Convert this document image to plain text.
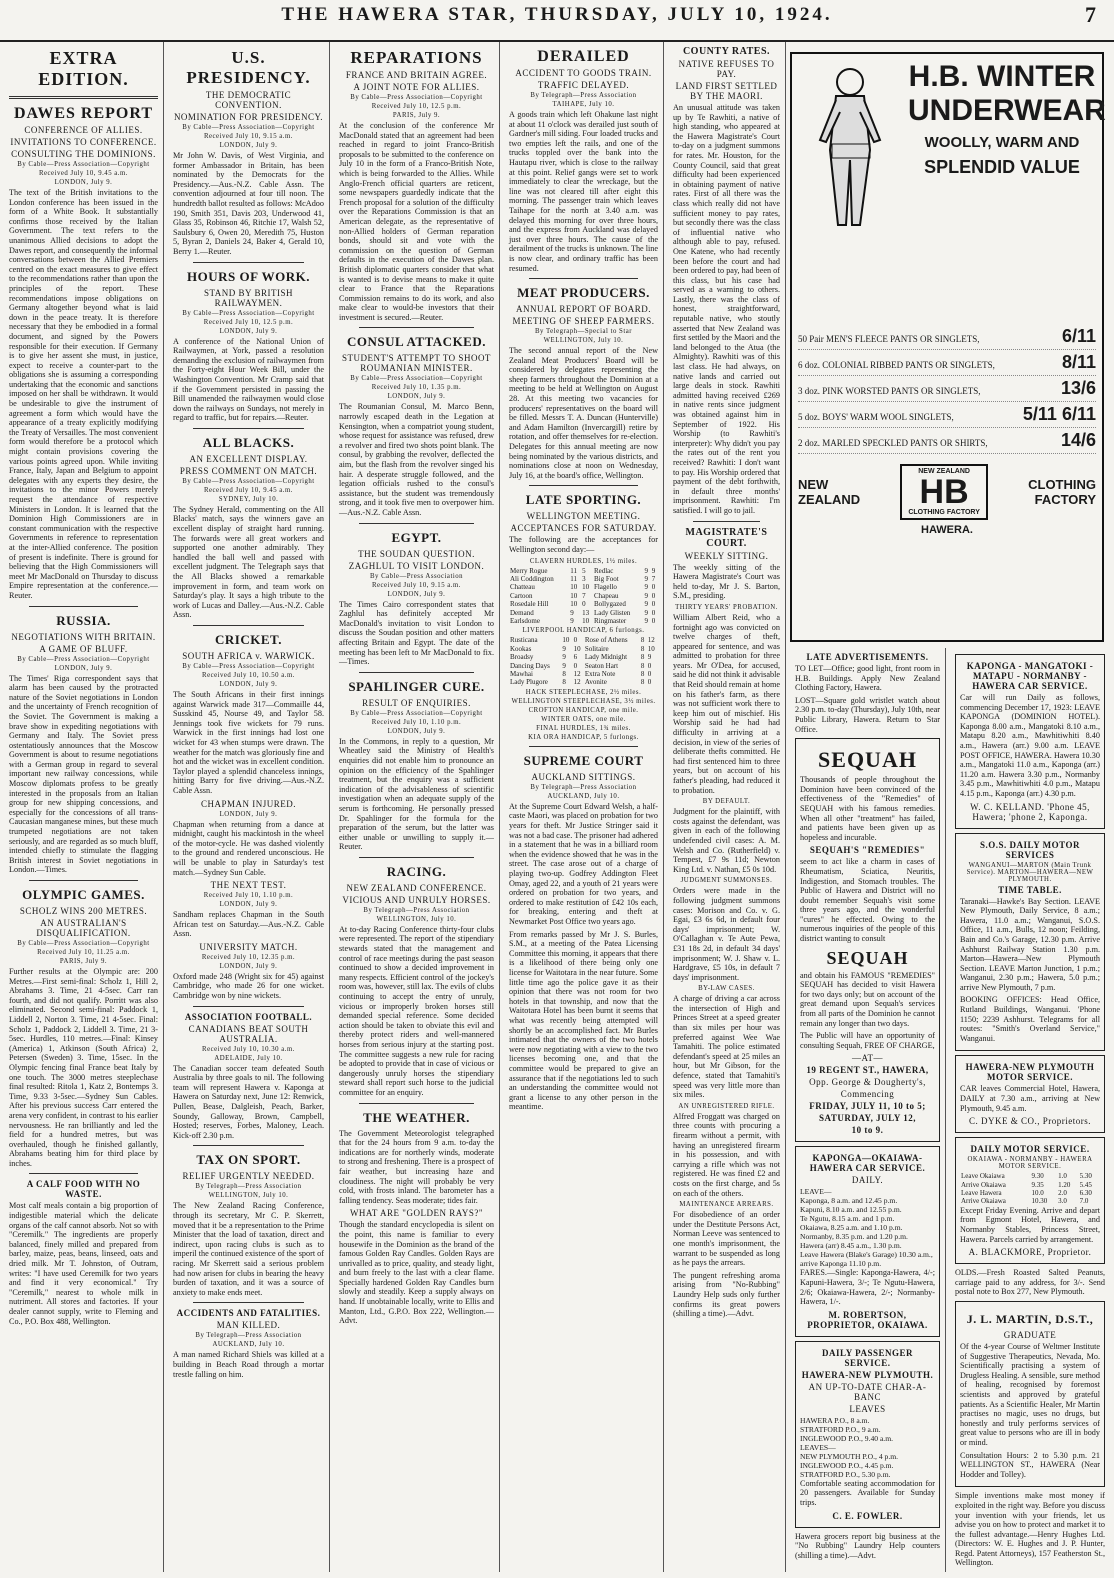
THE HAWERA STAR, THURSDAY, JULY 10, 1924.	7
EXTRA EDITION.
DAWES REPORT
CONFERENCE OF ALLIES.
INVITATIONS TO CONFERENCE.
CONSULTING THE DOMINIONS.
By Cable—Press Association—Copyright
Received July 10, 9.45 a.m.
LONDON, July 9.

The text of the British invitations to the London conference has been issued in the form of a White Book. It substantially confirms those received by the Italian Government. The text refers to the unanimous Allied decisions to adopt the Dawes report, and consequently the informal conversations between the Allied Premiers centred on the exact measures to give effect to the recommendations rather than upon the principles of the report. These recommendations impose obligations on Germany altogether beyond what is laid down in the peace treaty. It is therefore necessary that they be embodied in a formal document, and signed by the Powers responsible for their execution. If Germany is to give her assent she must, in justice, expect to receive a counter-part to the obligations she is assuming a corresponding undertaking that the economic and sanctions imposed on her shall be withdrawn. It would be undesirable to give the instrument of agreement a form which would have the appearance of a treaty explicitly modifying the Treaty of Versailles. The most convenient form would therefore be a protocol which might contain provisions covering the various points agreed upon. While inviting France, Italy, Japan and Belgium to appoint delegates with any experts they desire, the invitations to the minor Powers merely request the attendance of respective Ministers in London. It is learned that the Dominion High Commissioners are in constant communication with the respective Governments in reference to representation at the inter-Allied conference. The position of present is indefinite. There is ground for believing that the High Commissioners will meet Mr MacDonald on Thursday to discuss Empire representation at the conference.—Reuter.

RUSSIA.
NEGOTIATIONS WITH BRITAIN.
A GAME OF BLUFF.
By Cable—Press Association—Copyright
LONDON, July 9.

The Times' Riga correspondent says that alarm has been caused by the protracted nature of the Soviet negotiations in London and the uncertainty of French recognition of the Soviet. The Government is making a brave show in expediting negotiations with Germany and Italy. The Soviet press ostentatiously announces that the Moscow Government is about to resume negotiations with a German group in regard to several important new railway concessions, while Moscow diplomats profess to be greatly interested in the proposals from an Italian group for new shipping concessions, and especially for the concessions of all trans-Caucasian manganese mines, but these much trumpeted negotiations are not taken seriously, and are regarded as so much bluff, intended chiefly to stimulate the flagging British interest in Soviet negotiations in London.—Times.

OLYMPIC GAMES.
SCHOLZ WINS 200 METRES.
AN AUSTRALIAN'S DISQUALIFICATION.
By Cable—Press Association—Copyright
Received July 10, 11.25 a.m.
PARIS, July 9.

Further results at the Olympic are: 200 Metres.—First semi-final: Scholz 1, Hill 2, Abrahams 3. Time, 21 4-5sec. Carr ran fourth, and did not qualify. Porritt was also eliminated. Second semi-final: Paddock 1, Liddell 2, Norton 3. Time, 21 4-5sec. Final: Scholz 1, Paddock 2, Liddell 3. Time, 21 3-5sec. Hurdles, 110 metres.—Final: Kinsey (America) 1, Atkinson (South Africa) 2, Petersen (Sweden) 3. Time, 15sec. In the Olympic fencing final France beat Italy by one touch. The 3000 metres steeplechase final resulted: Ritola 1, Katz 2, Bontemps 3. Time, 9.33 3-5sec.—Sydney Sun Cables. After his previous success Carr entered the arena very confident, in contrast to his earlier nervousness. He ran brilliantly and led the field for a hundred metres, but was overhauled, though he finished gallantly, Abrahams beating him for third place by inches.

A CALF FOOD WITH NO WASTE.

Most calf meals contain a big proportion of indigestible material which the delicate organs of the calf cannot absorb. Not so with "Ceremilk." The ingredients are properly balanced, finely milled and prepared from barley, maize, peas, beans, linseed, oats and dried milk. Mr T. Johnston, of Outram, writes: "I have used Ceremilk for two years and find it very economical." Try "Ceremilk," nearest to whole milk in nutriment. All stores and factories. If your dealer cannot supply, write to Fleming and Co., P.O. Box 488, Wellington.

U.S. PRESIDENCY.
THE DEMOCRATIC CONVENTION.
NOMINATION FOR PRESIDENCY.
By Cable—Press Association—Copyright
Received July 10, 9.15 a.m.
LONDON, July 9.

Mr John W. Davis, of West Virginia, and former Ambassador in Britain, has been nominated by the Democrats for the Presidency.—Aus.-N.Z. Cable Assn. The convention adjourned at four till noon. The hundredth ballot resulted as follows: McAdoo 190, Smith 351, Davis 203, Underwood 41, Glass 35, Robinson 46, Ritchie 17, Walsh 52, Saulsbury 6, Owen 20, Meredith 75, Huston 5, Byran 2, Daniels 24, Baker 4, Gerald 10, Berry 1.—Reuter.

HOURS OF WORK.
STAND BY BRITISH RAILWAYMEN.
By Cable—Press Association—Copyright
Received July 10, 12.5 p.m.
LONDON, July 9.

A conference of the National Union of Railwaymen, at York, passed a resolution demanding the exclusion of railwaymen from the Forty-eight Hour Week Bill, under the Washington Convention. Mr Cramp said that if the Government persisted in passing the Bill unamended the railwaymen would close down the railways on Sundays, not merely in regard to traffic, but for repairs.—Reuter.

ALL BLACKS.
AN EXCELLENT DISPLAY.
PRESS COMMENT ON MATCH.
By Cable—Press Association—Copyright
Received July 10, 9.45 a.m.
SYDNEY, July 10.

The Sydney Herald, commenting on the All Blacks' match, says the winners gave an excellent display of straight hard running. The forwards were all great workers and supported one another admirably. They handled the ball well and passed with excellent judgment. The Telegraph says that the All Blacks showed a remarkable improvement in form, and team work on Saturday's play. It says a high tribute to the work of Lucas and Dalley.—Aus.-N.Z. Cable Assn.

CRICKET.
SOUTH AFRICA v. WARWICK.
By Cable—Press Association—Copyright
Received July 10, 10.50 a.m.
LONDON, July 9.

The South Africans in their first innings against Warwick made 317—Commaille 44, Susskind 45, Nourse 49, and Taylor 58. Jennings took five wickets for 79 runs. Warwick in the first innings had lost one wicket for 43 when stumps were drawn. The weather for the match was gloriously fine and hot and the wicket was in excellent condition. Taylor played a splendid chanceless innings, hitting Barry for five driving.—Aus.-N.Z. Cable Assn.

CHAPMAN INJURED.
LONDON, July 9.

Chapman when returning from a dance at midnight, caught his mackintosh in the wheel of the motor-cycle. He was dashed violently to the ground and rendered unconscious. He will be unable to play in Saturday's test match.—Sydney Sun Cable.

THE NEXT TEST.
Received July 10, 1.10 p.m.
LONDON, July 9.

Sandham replaces Chapman in the South African test on Saturday.—Aus.-N.Z. Cable Assn.

UNIVERSITY MATCH.
Received July 10, 12.35 p.m.
LONDON, July 9.

Oxford made 248 (Wright six for 45) against Cambridge, who made 26 for one wicket. Cambridge won by nine wickets.

ASSOCIATION FOOTBALL.
CANADIANS BEAT SOUTH AUSTRALIA.
Received July 10, 10.30 a.m.
ADELAIDE, July 10.

The Canadian soccer team defeated South Australia by three goals to nil. The following team will represent Hawera v. Kaponga at Hawera on Saturday next, June 12: Renwick, Pullen, Bease, Dalgleish, Peach, Barker, Soundy, Galloway, Brown, Campbell, Hosted; reserves, Forbes, Maloney, Leach. Kick-off 2.30 p.m.

TAX ON SPORT.
RELIEF URGENTLY NEEDED.
By Telegraph—Press Association
WELLINGTON, July 10.

The New Zealand Racing Conference, through its secretary, Mr C. P. Skerrett, moved that it be a representation to the Prime Minister that the load of taxation, direct and indirect, upon racing clubs is such as to imperil the continued existence of the sport of racing. Mr Skerrett said a serious problem had now arisen for clubs in bearing the heavy burden of taxation, and it was a source of anxiety to make ends meet.

ACCIDENTS AND FATALITIES.
MAN KILLED.
By Telegraph—Press Association
AUCKLAND, July 10.

A man named Richard Shiels was killed at a building in Beach Road through a mortar trestle falling on him.

REPARATIONS
FRANCE AND BRITAIN AGREE.
A JOINT NOTE FOR ALLIES.
By Cable—Press Association—Copyright
Received July 10, 12.5 p.m.
PARIS, July 9.

At the conclusion of the conference Mr MacDonald stated that an agreement had been reached in regard to joint Franco-British proposals to be submitted to the conference on July 10 in the form of a Franco-British Note, which is being forwarded to the Allies. While Anglo-French official quarters are reticent, some newspapers guardedly indicate that the French proposal for a solution of the difficulty over the Reparations Commission is that an American delegate, as the representative of non-Allied holders of German reparation bonds, should sit and vote with the commission on the question of German defaults in the execution of the Dawes plan. British diplomatic quarters consider that what is wanted is to devise means to make it quite clear to France that the Reparations Commission remains to do its work, and also make clear to would-be investors that their investment is secured.—Reuter.

CONSUL ATTACKED.
STUDENT'S ATTEMPT TO SHOOT ROUMANIAN MINISTER.
By Cable—Press Association—Copyright
Received July 10, 1.35 p.m.
LONDON, July 9.

The Roumanian Consul, M. Marco Benn, narrowly escaped death in the Legation at Kensington, when a compatriot young student, whose request for assistance was refused, drew a revolver and fired two shots point blank. The consul, by grabbing the revolver, deflected the aim, but the flash from the revolver singed his hair. A desperate struggle followed, and the legation officials rushed to the consul's assistance, but the student was tremendously strong, and it took five men to overpower him.—Aus.-N.Z. Cable Assn.

EGYPT.
THE SOUDAN QUESTION.
ZAGHLUL TO VISIT LONDON.
By Cable—Press Association
Received July 10, 9.15 a.m.
LONDON, July 9.

The Times Cairo correspondent states that Zaghlul has definitely accepted Mr MacDonald's invitation to visit London to discuss the Soudan position and other matters affecting Britain and Egypt. The date of the meeting has been left to Mr MacDonald to fix.—Times.

SPAHLINGER CURE.
RESULT OF ENQUIRIES.
By Cable—Press Association—Copyright
Received July 10, 1.10 p.m.
LONDON, July 9.

In the Commons, in reply to a question, Mr Wheatley said the Ministry of Health's enquiries did not enable him to pronounce an opinion on the efficiency of the Spahlinger treatment, but the enquiry was a sufficient indication of the advisableness of scientific investigation when an adequate supply of the serum is forthcoming. He personally pressed Dr. Spahlinger for the formula for the preparation of the serum, but the latter was either unable or unwilling to supply it.—Reuter.

RACING.
NEW ZEALAND CONFERENCE.
VICIOUS AND UNRULY HORSES.
By Telegraph—Press Association
WELLINGTON, July 10.

At to-day Racing Conference thirty-four clubs were represented. The report of the stipendiary stewards stated that the management and control of race meetings during the past season continued to show a decided improvement in many respects. Efficient control of the jockey's room was, however, still lax. The evils of clubs continuing to accept the entry of unruly, vicious or improperly broken horses still demanded special reference. Some decided action should be taken to obviate this evil and thereby protect riders and well-mannered horses from serious injury at the starting post. The committee suggests a new rule for racing be adopted to provide that in case of vicious or dangerously unruly horses the stipendiary steward shall report such horse to the judicial committee for an enquiry.

THE WEATHER.

The Government Meteorologist telegraphed that for the 24 hours from 9 a.m. to-day the indications are for northerly winds, moderate to strong and freshening. There is a prospect of fair weather, but increasing haze and cloudiness. The night will probably be very cold, with frosts inland. The barometer has a falling tendency. Seas moderate; tides fair.

WHAT ARE "GOLDEN RAYS?"

Though the standard encyclopedia is silent on the point, this name is familiar to every housewife in the Dominion as the brand of the famous Golden Ray Candles. Golden Rays are unrivalled as to price, quality, and steady light, and burn freely to the last with a clear flame. Specially hardened Golden Ray Candles burn slowly and steadily. Keep a supply always on hand. If unobtainable locally, write to Ellis and Manton, Ltd., G.P.O. Box 222, Wellington.—Advt.

DERAILED
ACCIDENT TO GOODS TRAIN.
TRAFFIC DELAYED.
By Telegraph—Press Association
TAIHAPE, July 10.

A goods train which left Ohakune last night at about 11 o'clock was derailed just south of Gardner's mill siding. Four loaded trucks and two empties left the rails, and one of the trucks toppled over the bank into the Hautapu river, which is close to the railway at this point. Relief gangs were set to work immediately to clear the wreckage, but the line was not cleared till after eight this morning. The passenger train which leaves Taihape for the north at 3.40 a.m. was delayed this morning for over three hours, and the express from Auckland was delayed just over three hours. The cause of the derailment of the trucks is unknown. The line is now clear, and ordinary traffic has been resumed.

MEAT PRODUCERS.
ANNUAL REPORT OF BOARD.
MEETING OF SHEEP FARMERS.
By Telegraph—Special to Star
WELLINGTON, July 10.

The second annual report of the New Zealand Meat Producers' Board will be considered by delegates representing the sheep farmers throughout the Dominion at a meeting to be held at Wellington on August 28. At this meeting two vacancies for producers' representatives on the board will be filled. Messrs T. A. Duncan (Hunterville) and Adam Hamilton (Invercargill) retire by rotation, and offer themselves for re-election. Delegates for this annual meeting are now being nominated by the various districts, and nominations close at noon on Wednesday, July 16, at the board's office, Wellington.

LATE SPORTING.
WELLINGTON MEETING.
ACCEPTANCES FOR SATURDAY.

The following are the acceptances for Wellington second day:—

CLAVERN HURDLES, 1½ miles.
Merry Rogue	11	5	Redlac	9	9
Ali Coddington	11	3	Big Foot	9	7
Chatteau	10	10	Flagello	9	0
Cartoon	10	7	Chapeau	9	0
Rosedale Hill	10	0	Bollygazed	9	0
Demand	9	13	Lady Glisten	9	0
Earlsdome	9	10	Ringmaster	9	0
LIVERPOOL HANDICAP, 6 furlongs.
Rusticana	10	0	Rose of Athens	8	12
Kookas	9	10	Solitaire	8	10
Broadsy	9	6	Lady Midnight	8	9
Dancing Days	9	0	Seaton Hart	8	0
Mawhai	8	12	Extra Note	8	0
Lady Plugore	8	12	Avonite	8	0
HACK STEEPLECHASE, 2½ miles.
WELLINGTON STEEPLECHASE, 3½ miles.
CROFTON HANDICAP, one mile.
WINTER OATS, one mile.
FINAL HURDLES, 1¾ miles.
KIA ORA HANDICAP, 5 furlongs.
SUPREME COURT
AUCKLAND SITTINGS.
By Telegraph—Press Association
AUCKLAND, July 10.

At the Supreme Court Edward Welsh, a half-caste Maori, was placed on probation for two years for theft. Mr Justice Stringer said it was not a bad case. The prisoner had adhered in a statement that he was in a billiard room when the evidence showed that he was in the street. The case arose out of a charge of playing two-up. Godfrey Addington Fleet Omay, aged 22, and a youth of 21 years were ordered on probation for two years, and ordered to make restitution of £42 10s each, for breaking, entering and theft at Newmarket Post Office two years ago.

From remarks passed by Mr J. S. Burles, S.M., at a meeting of the Patea Licensing Committee this morning, it appears that there is a likelihood of there being only one license for Waitotara in the near future. Some little time ago the police gave it as their opinion that there was not room for two hotels in that township, and now that the Waitotara Hotel has been burnt it seems that what was recently being attempted will shortly be an accomplished fact. Mr Burles intimated that the owners of the two hotels were now negotiating with a view to the two licenses becoming one, and that the committee would be prepared to give an assurance that if the negotiations led to such an understanding the committee would not grant a license to any other person in the meantime.

COUNTY RATES.
NATIVE REFUSES TO PAY.
LAND FIRST SETTLED BY THE MAORI.

An unusual attitude was taken up by Te Rawhiti, a native of high standing, who appeared at the Hawera Magistrate's Court to-day on a judgment summons for rates. Mr. Houston, for the County Council, said that great difficulty had been experienced in obtaining payment of native rates. First of all there was the class which really did not have sufficient money to pay rates, but secondly there was the class of influential native who although able to pay, refused. One Katene, who had recently been before the court and had been ordered to pay, had been of this class, but his case had served as a warning to others. Lastly, there was the class of honest, straightforward, reputable native, who stoutly asserted that New Zealand was first settled by the Maori and the land belonged to the Atua (the Almighty). Rawhiti was of this last class. He had always, on native lands and carried out large deals in stock. Rawhiti admitted having received £269 in native rents since judgment was obtained against him in September of 1922. His Worship (to Rawhiti's interpreter): Why didn't you pay the rates out of the rent you received? Rawhiti: I don't want to pay. His Worship ordered that payment of the debt forthwith, in default three months' imprisonment. Rawhiti: I'm satisfied. I will go to jail.

MAGISTRATE'S COURT.
WEEKLY SITTING.

The weekly sitting of the Hawera Magistrate's Court was held to-day, Mr J. S. Barton, S.M., presiding.

THIRTY YEARS' PROBATION.

William Albert Reid, who a fortnight ago was convicted on twelve charges of theft, appeared for sentence, and was admitted to probation for three years. Mr O'Dea, for accused, said he did not think it advisable that Reid should remain at home on his father's farm, as there was not sufficient work there to keep him out of mischief. His Worship said he had had difficulty in arriving at a decision, in view of the series of deliberate thefts committed. He had first sentenced him to three years, but on account of his father's pleading, had reduced it to probation.

BY DEFAULT.

Judgment for the plaintiff, with costs against the defendant, was given in each of the following undefended civil cases: A. M. Welsh and Co. (Rutherfield) v. Tempest, £7 9s 11d; Newton King Ltd. v. Nathan, £5 0s 10d.

JUDGMENT SUMMONSES.

Orders were made in the following judgment summons cases: Morison and Co. v. G. Egai, £3 6s 6d, in default four days' imprisonment; W. O'Callaghan v. Te Aute Pewa, £31 18s 2d, in default 34 days' imprisonment; W. J. Shaw v. L. Hardgrave, £5 10s, in default 7 days' imprisonment.

BY-LAW CASES.

A charge of driving a car across the intersection of High and Princes Street at a speed greater than six miles per hour was preferred against Wee Wae Tamahiti. The police estimated defendant's speed at 25 miles an hour, but Mr Gibson, for the defence, stated that Tamahiti's speed was very little more than six miles.

AN UNREGISTERED RIFLE.

Alfred Froggatt was charged on three counts with procuring a firearm without a permit, with having an unregistered firearm in his possession, and with carrying a rifle which was not registered. He was fined £2 and costs on the first charge, and 5s on each of the others.

MAINTENANCE ARREARS.

For disobedience of an order under the Destitute Persons Act, Norman Leeve was sentenced to one month's imprisonment, the warrant to be suspended as long as he pays the arrears.

The pungent refreshing aroma arising from "No-Rubbing" Laundry Help suds only further confirms its great powers (shilling a time).—Advt.

H.B. WINTER
UNDERWEAR
WOOLLY, WARM AND
SPLENDID VALUE
50 Pair MEN'S FLEECE PANTS OR SINGLETS,	6/11
6 doz. COLONIAL RIBBED PANTS OR SINGLETS,	8/11
3 doz. PINK WORSTED PANTS OR SINGLETS,	13/6
5 doz. BOYS' WARM WOOL SINGLETS,	5/11 6/11
2 doz. MARLED SPECKLED PANTS OR SHIRTS,	14/6
NEW
ZEALAND
NEW ZEALAND
HB
CLOTHING FACTORY
CLOTHING
FACTORY
HAWERA.
LATE ADVERTISEMENTS.

TO LET—Office; good light, front room in H.B. Buildings. Apply New Zealand Clothing Factory, Hawera.

LOST—Square gold wristlet watch about 2.30 p.m. to-day (Thursday), July 10th, near Public Library, Hawera. Return to Star Office.

SEQUAH

Thousands of people throughout the Dominion have been convinced of the effectiveness of the "Remedies" of SEQUAH with his famous remedies. When all other "treatment" has failed, and patients have been given up as hopeless and incurable.

SEQUAH'S "REMEDIES"

seem to act like a charm in cases of Rheumatism, Sciatica, Neuritis, Indigestion, and Stomach troubles. The Public of Hawera and District will no doubt remember Sequah's visit some three years ago, and the wonderful "cures" he effected. Owing to the numerous inquiries of the people of this district wanting to consult

SEQUAH

and obtain his FAMOUS "REMEDIES" SEQUAH has decided to visit Hawera for two days only; but on account of the great demand upon Sequah's services from all parts of the Dominion he cannot remain any longer than two days.

The Public will have an opportunity of consulting Sequah, FREE OF CHARGE,

—AT—
19 REGENT ST., HAWERA,
Opp. George & Dougherty's,
Commencing
FRIDAY, JULY 11, 10 to 5;
SATURDAY, JULY 12,
10 to 9.
KAPONGA—OKAIAWA-HAWERA CAR SERVICE.
DAILY.
LEAVE—
Kaponga, 8 a.m. and 12.45 p.m.
Kapuni, 8.10 a.m. and 12.55 p.m.
Te Ngutu, 8.15 a.m. and 1 p.m.
Okaiawa, 8.25 a.m. and 1.10 p.m.
Normanby, 8.35 p.m. and 1.20 p.m.
Hawera (arr) 8.45 a.m., 1.30 p.m.
Leave Hawera (Blake's Garage) 10.30 a.m., arrive Kaponga 11.10 p.m.

FARES.—Single: Kaponga-Hawera, 4/-; Kapuni-Hawera, 3/-; Te Ngutu-Hawera, 2/6; Okaiawa-Hawera, 2/-; Normanby-Hawera, 1/-.

M. ROBERTSON, PROPRIETOR, OKAIAWA.
DAILY PASSENGER SERVICE.
HAWERA-NEW PLYMOUTH.
AN UP-TO-DATE CHAR-A-BANC
LEAVES
HAWERA P.O., 8 a.m.
STRATFORD P.O., 9 a.m.
INGLEWOOD P.O., 9.40 a.m.
LEAVES—
NEW PLYMOUTH P.O., 4 p.m.
INGLEWOOD P.O., 4.45 p.m.
STRATFORD P.O., 5.30 p.m.

Comfortable seating accommodation for 20 passengers. Available for Sunday trips.

C. E. FOWLER.

Hawera grocers report big business at the "No Rubbing" Laundry Help counters (shilling a time).—Advt.

KAPONGA - MANGATOKI - MATAPU - NORMANBY - HAWERA CAR SERVICE.

Car will run Daily as follows, commencing December 17, 1923: LEAVE KAPONGA (DOMINION HOTEL). Kaponga 8.00 a.m., Mangatoki 8.10 a.m., Matapu 8.20 a.m., Mawhitiwhiti 8.40 a.m., Hawera (arr.) 9.00 a.m. LEAVE POST OFFICE, HAWERA. Hawera 10.30 a.m., Mangatoki 11.0 a.m., Kaponga (arr.) 11.20 a.m. Hawera 3.30 p.m., Normanby 3.45 p.m., Mawhitiwhiti 4.0 p.m., Matapu 4.15 p.m., Kaponga (arr.) 4.30 p.m.

W. C. KELLAND. 'Phone 45, Hawera; 'phone 2, Kaponga.
S.O.S. DAILY MOTOR SERVICES
WANGANUI—MARTON (Main Trunk Service). MARTON—HAWERA—NEW PLYMOUTH.
TIME TABLE.

Taranaki—Hawke's Bay Section. LEAVE New Plymouth, Daily Service, 8 a.m.; Hawera, 11.0 a.m.; Wanganui, S.O.S. Office, 11 a.m., Bulls, 12 noon; Feilding, Bain and Co.'s Garage, 12.30 p.m. Arrive Ashhurst Railway Station 1.30 p.m. Marton—Hawera—New Plymouth Section. LEAVE Marton Junction, 1 p.m.; Wanganui, 2.30 p.m.; Hawera, 5.0 p.m.; arrive New Plymouth, 7 p.m.

BOOKING OFFICES: Head Office, Rutland Buildings, Wanganui. 'Phone 1150; 2239 Ashhurst. Telegrams for all routes: "Smith's Overland Service," Wanganui.

HAWERA-NEW PLYMOUTH MOTOR SERVICE.

CAR leaves Commercial Hotel, Hawera, DAILY at 7.30 a.m., arriving at New Plymouth, 9.45 a.m.

C. DYKE & CO., Proprietors.
DAILY MOTOR SERVICE.
OKAIAWA - NORMANBY - HAWERA MOTOR SERVICE.
Leave Okaiawa	9.30	1.0	5.30
Arrive Okaiawa	9.35	1.20	5.45
Leave Hawera	10.0	2.0	6.30
Arrive Okaiawa	10.30	3.0	7.0

Except Friday Evening. Arrive and depart from Egmont Hotel, Hawera, and Normanby Stables, Princess Street, Hawera. Parcels carried by arrangement.

A. BLACKMORE, Proprietor.

OLDS.—Fresh Roasted Salted Peanuts, carriage paid to any address, for 3/-. Send postal note to Box 277, New Plymouth.

J. L. MARTIN, D.S.T.,
GRADUATE

Of the 4-year Course of Weltmer Institute of Suggestive Therapeutics, Nevada, Mo. Scientifically practising a system of Drugless Healing. A sensible, sure method of healing, recognised by foremost scientists and approved by grateful patients. As a Scientific Healer, Mr Martin practises no magic, uses no drugs, but honestly and truly performs services of great value to persons who are ill in body or mind.

Consultation Hours: 2 to 5.30 p.m. 21 WELLINGTON ST., HAWERA (Near Hodder and Tolley).

Simple inventions make most money if exploited in the right way. Before you discuss your invention with your friends, let us advise you on how to protect and market it to the fullest advantage.—Henry Hughes Ltd. (Directors: W. E. Hughes and J. P. Hunter, Regd. Patent Attorneys), 157 Featherston St., Wellington.
